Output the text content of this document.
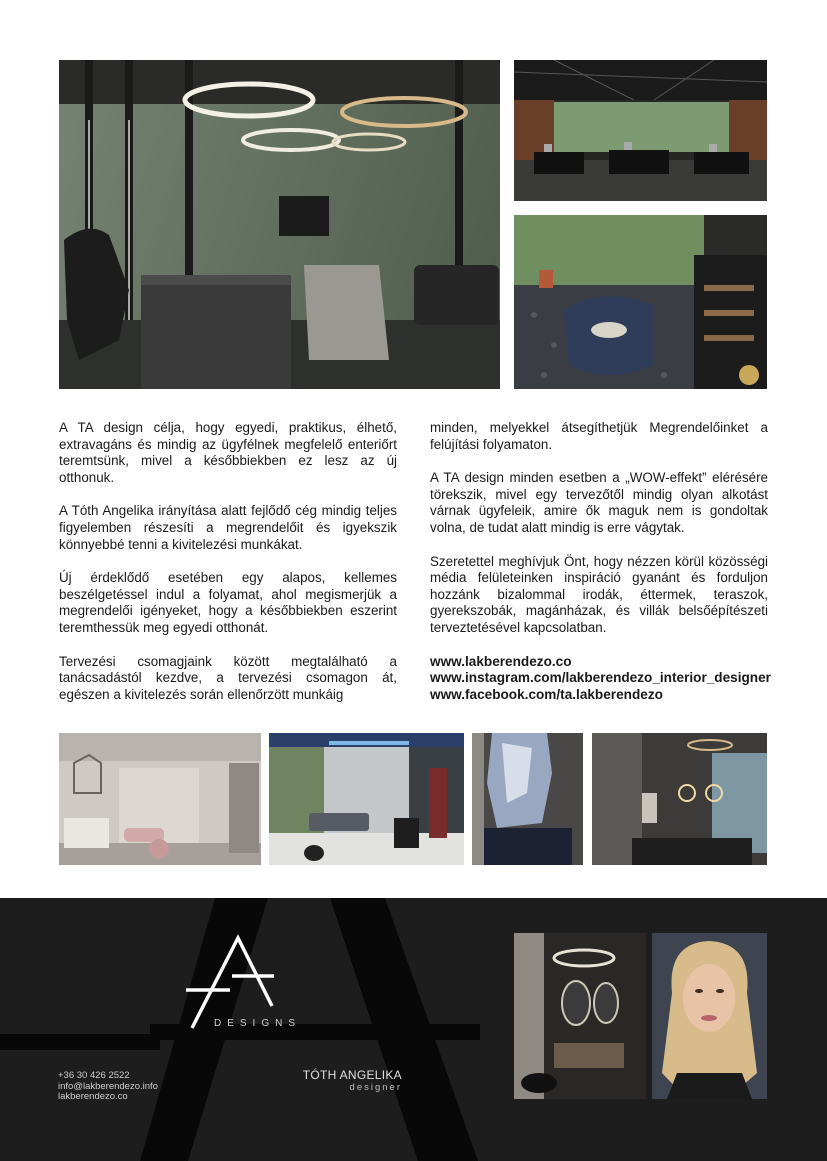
A TA design célja, hogy egyedi, praktikus, élhető, extravagáns és mindig az ügyfélnek megfelelő enteriőrt teremtsünk, mivel a későbbiekben ez lesz az új otthonuk.

A Tóth Angelika irányítása alatt fejlődő cég mindig teljes figyelemben részesíti a megrendelőit és igyekszik könnyebbé tenni a kivitelezési munkákat.

Új érdeklődő esetében egy alapos, kellemes beszélgetéssel indul a folyamat, ahol megismerjük a megrendelői igényeket, hogy a későbbiekben eszerint teremthessük meg egyedi otthonát.

Tervezési csomagjaink között megtalálható a tanácsadástól kezdve, a tervezési csomagon át, egészen a kivitelezés során ellenőrzött munkáig

minden, melyekkel átsegíthetjük Megrendelőinket a felújítási folyamaton.

A TA design minden esetben a „WOW-effekt” elérésére törekszik, mivel egy tervezőtől mindig olyan alkotást várnak ügyfeleik, amire ők maguk nem is gondoltak volna, de tudat alatt mindig is erre vágytak.

Szeretettel meghívjuk Önt, hogy nézzen körül közösségi média felületeinken inspiráció gyanánt és forduljon hozzánk bizalommal irodák, éttermek, teraszok, gyerekszobák, magánházak, és villák belsőépítészeti terveztetésével kapcsolatban.

www.lakberendezo.co
www.instagram.com/lakberendezo_interior_designer
www.facebook.com/ta.lakberendezo
DESIGNS
+36 30 426 2522
info@lakberendezo.info
lakberendezo.co
TÓTH ANGELIKA
designer
